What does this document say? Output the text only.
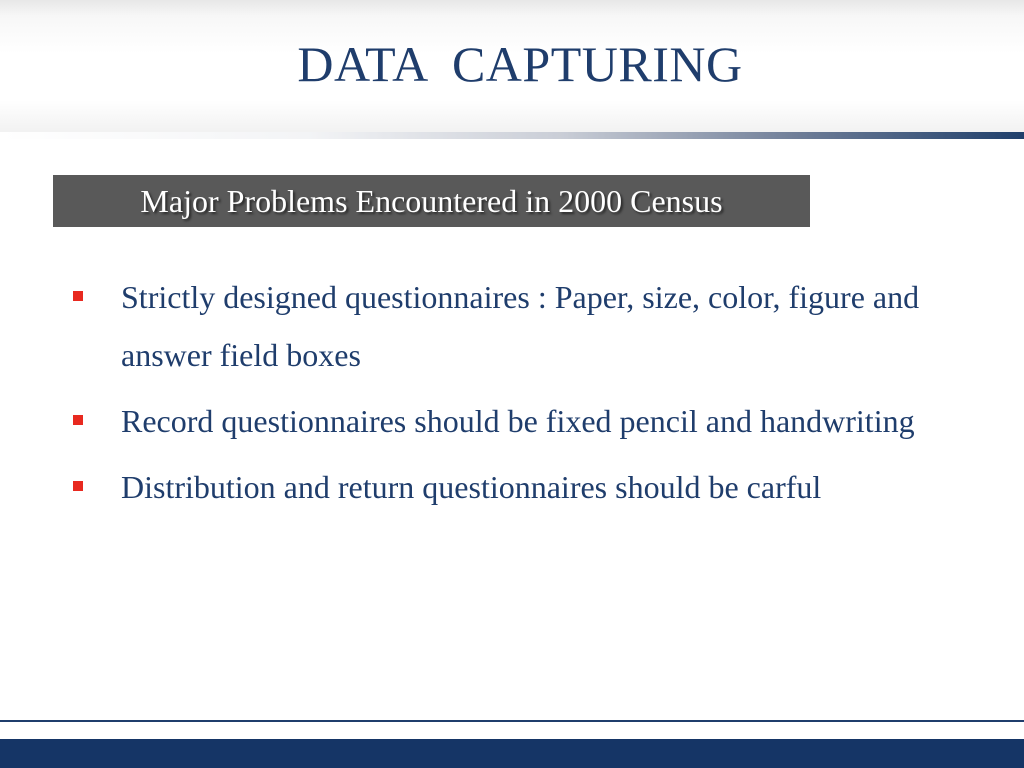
DATA  CAPTURING
Major Problems Encountered in 2000 Census
Strictly designed questionnaires : Paper, size, color, figure and answer field boxes
Record questionnaires should be fixed pencil and handwriting
Distribution and return questionnaires should be carful
